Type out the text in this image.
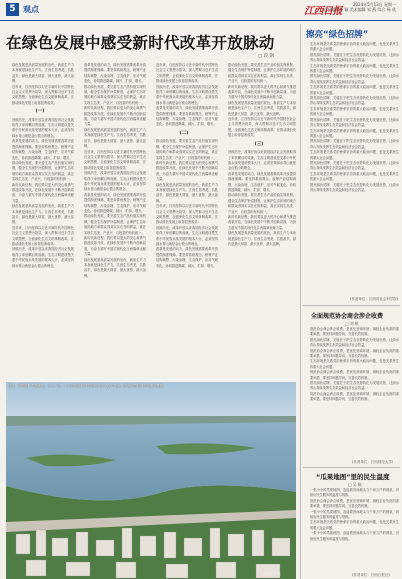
5 观点	江西日报
2024年5月13日 星期一
责任编辑 张 颖 美术编辑 邹 燕 综合 杨 欣
在绿色发展中感受新时代改革开放脉动
□ 段 钢

绿色发展是高质量发展的底色，新质生产力本身就是绿色生产力。江西生态秀美，名胜甚多，绿色是最大财富、最大优势、最大品牌。

近年来，江西坚持以习近平新时代中国特色社会主义思想为指导，深入贯彻习近平生态文明思想，全面深化生态文明体制改革，在推动绿色发展上取得显著成效。

(一)

回顾历史，改革开放以来我国经济社会发展取得了举世瞩目的成就。生态文明建设是关系中华民族永续发展的根本大计，必须坚持绿水青山就是金山银山的理念。

改革是发展的动力，绿色发展需要改革开放提供制度保障。要坚持系统观念，统筹产业结构调整、污染治理、生态保护、应对气候变化，协同推进降碳、减污、扩绿、增长。

推动绿色发展，要完善生态产品价值实现机制，健全生态保护补偿制度，让保护生态环境的地方和群众得到实实在在的利益，真正实现生态美、产业兴、百姓富的有机统一。

新时代新征程，我们要以更大的决心和勇气推进改革开放，在绿色发展中不断开创新局面，为奋力谱写中国式现代化江西篇章贡献力量。

绿色发展是高质量发展的底色，新质生产力本身就是绿色生产力。江西生态秀美，名胜甚多，绿色是最大财富、最大优势、最大品牌。

近年来，江西坚持以习近平新时代中国特色社会主义思想为指导，深入贯彻习近平生态文明思想，全面深化生态文明体制改革，在推动绿色发展上取得显著成效。

回顾历史，改革开放以来我国经济社会发展取得了举世瞩目的成就。生态文明建设是关系中华民族永续发展的根本大计，必须坚持绿水青山就是金山银山的理念。

改革是发展的动力，绿色发展需要改革开放提供制度保障。要坚持系统观念，统筹产业结构调整、污染治理、生态保护、应对气候变化，协同推进降碳、减污、扩绿、增长。

推动绿色发展，要完善生态产品价值实现机制，健全生态保护补偿制度，让保护生态环境的地方和群众得到实实在在的利益，真正实现生态美、产业兴、百姓富的有机统一。

新时代新征程，我们要以更大的决心和勇气推进改革开放，在绿色发展中不断开创新局面，为奋力谱写中国式现代化江西篇章贡献力量。

绿色发展是高质量发展的底色，新质生产力本身就是绿色生产力。江西生态秀美，名胜甚多，绿色是最大财富、最大优势、最大品牌。

近年来，江西坚持以习近平新时代中国特色社会主义思想为指导，深入贯彻习近平生态文明思想，全面深化生态文明体制改革，在推动绿色发展上取得显著成效。

回顾历史，改革开放以来我国经济社会发展取得了举世瞩目的成就。生态文明建设是关系中华民族永续发展的根本大计，必须坚持绿水青山就是金山银山的理念。

改革是发展的动力，绿色发展需要改革开放提供制度保障。要坚持系统观念，统筹产业结构调整、污染治理、生态保护、应对气候变化，协同推进降碳、减污、扩绿、增长。

推动绿色发展，要完善生态产品价值实现机制，健全生态保护补偿制度，让保护生态环境的地方和群众得到实实在在的利益，真正实现生态美、产业兴、百姓富的有机统一。

新时代新征程，我们要以更大的决心和勇气推进改革开放，在绿色发展中不断开创新局面，为奋力谱写中国式现代化江西篇章贡献力量。

绿色发展是高质量发展的底色，新质生产力本身就是绿色生产力。江西生态秀美，名胜甚多，绿色是最大财富、最大优势、最大品牌。

近年来，江西坚持以习近平新时代中国特色社会主义思想为指导，深入贯彻习近平生态文明思想，全面深化生态文明体制改革，在推动绿色发展上取得显著成效。

回顾历史，改革开放以来我国经济社会发展取得了举世瞩目的成就。生态文明建设是关系中华民族永续发展的根本大计，必须坚持绿水青山就是金山银山的理念。

改革是发展的动力，绿色发展需要改革开放提供制度保障。要坚持系统观念，统筹产业结构调整、污染治理、生态保护、应对气候变化，协同推进降碳、减污、扩绿、增长。

(二)

推动绿色发展，要完善生态产品价值实现机制，健全生态保护补偿制度，让保护生态环境的地方和群众得到实实在在的利益，真正实现生态美、产业兴、百姓富的有机统一。

新时代新征程，我们要以更大的决心和勇气推进改革开放，在绿色发展中不断开创新局面，为奋力谱写中国式现代化江西篇章贡献力量。

绿色发展是高质量发展的底色，新质生产力本身就是绿色生产力。江西生态秀美，名胜甚多，绿色是最大财富、最大优势、最大品牌。

近年来，江西坚持以习近平新时代中国特色社会主义思想为指导，深入贯彻习近平生态文明思想，全面深化生态文明体制改革，在推动绿色发展上取得显著成效。

回顾历史，改革开放以来我国经济社会发展取得了举世瞩目的成就。生态文明建设是关系中华民族永续发展的根本大计，必须坚持绿水青山就是金山银山的理念。

改革是发展的动力，绿色发展需要改革开放提供制度保障。要坚持系统观念，统筹产业结构调整、污染治理、生态保护、应对气候变化，协同推进降碳、减污、扩绿、增长。

推动绿色发展，要完善生态产品价值实现机制，健全生态保护补偿制度，让保护生态环境的地方和群众得到实实在在的利益，真正实现生态美、产业兴、百姓富的有机统一。

新时代新征程，我们要以更大的决心和勇气推进改革开放，在绿色发展中不断开创新局面，为奋力谱写中国式现代化江西篇章贡献力量。

绿色发展是高质量发展的底色，新质生产力本身就是绿色生产力。江西生态秀美，名胜甚多，绿色是最大财富、最大优势、最大品牌。

近年来，江西坚持以习近平新时代中国特色社会主义思想为指导，深入贯彻习近平生态文明思想，全面深化生态文明体制改革，在推动绿色发展上取得显著成效。

(三)

回顾历史，改革开放以来我国经济社会发展取得了举世瞩目的成就。生态文明建设是关系中华民族永续发展的根本大计，必须坚持绿水青山就是金山银山的理念。

改革是发展的动力，绿色发展需要改革开放提供制度保障。要坚持系统观念，统筹产业结构调整、污染治理、生态保护、应对气候变化，协同推进降碳、减污、扩绿、增长。

推动绿色发展，要完善生态产品价值实现机制，健全生态保护补偿制度，让保护生态环境的地方和群众得到实实在在的利益，真正实现生态美、产业兴、百姓富的有机统一。

新时代新征程，我们要以更大的决心和勇气推进改革开放，在绿色发展中不断开创新局面，为奋力谱写中国式现代化江西篇章贡献力量。

绿色发展是高质量发展的底色，新质生产力本身就是绿色生产力。江西生态秀美，名胜甚多，绿色是最大财富、最大优势、最大品牌。

擦亮“绿色招牌”

生态环境是关系党的使命宗旨的重大政治问题，也是关系民生的重大社会问题。

擦亮绿色招牌，关键在于把生态优势转化为发展优势，让绿水青山持续发挥生态效益和经济社会效益。

生态环境是关系党的使命宗旨的重大政治问题，也是关系民生的重大社会问题。

擦亮绿色招牌，关键在于把生态优势转化为发展优势，让绿水青山持续发挥生态效益和经济社会效益。

生态环境是关系党的使命宗旨的重大政治问题，也是关系民生的重大社会问题。

擦亮绿色招牌，关键在于把生态优势转化为发展优势，让绿水青山持续发挥生态效益和经济社会效益。

生态环境是关系党的使命宗旨的重大政治问题，也是关系民生的重大社会问题。

擦亮绿色招牌，关键在于把生态优势转化为发展优势，让绿水青山持续发挥生态效益和经济社会效益。

生态环境是关系党的使命宗旨的重大政治问题，也是关系民生的重大社会问题。

擦亮绿色招牌，关键在于把生态优势转化为发展优势，让绿水青山持续发挥生态效益和经济社会效益。

生态环境是关系党的使命宗旨的重大政治问题，也是关系民生的重大社会问题。

擦亮绿色招牌，关键在于把生态优势转化为发展优势，让绿水青山持续发挥生态效益和经济社会效益。

生态环境是关系党的使命宗旨的重大政治问题，也是关系民生的重大社会问题。

擦亮绿色招牌，关键在于把生态优势转化为发展优势，让绿水青山持续发挥生态效益和经济社会效益。

(作者单位：江西省社会科学院)
全面规范协会商会涉企收费
□ 刘 敏

规范协会商会涉企收费，是优化营商环境、减轻企业负担的重要举措，要坚持问题导向，完善长效机制。

擦亮绿色招牌，关键在于把生态优势转化为发展优势，让绿水青山持续发挥生态效益和经济社会效益。

规范协会商会涉企收费，是优化营商环境、减轻企业负担的重要举措，要坚持问题导向，完善长效机制。

生态环境是关系党的使命宗旨的重大政治问题，也是关系民生的重大社会问题。

规范协会商会涉企收费，是优化营商环境、减轻企业负担的重要举措，要坚持问题导向，完善长效机制。

擦亮绿色招牌，关键在于把生态优势转化为发展优势，让绿水青山持续发挥生态效益和经济社会效益。

规范协会商会涉企收费，是优化营商环境、减轻企业负担的重要举措，要坚持问题导向，完善长效机制。

(作者单位：江西财经大学)
“瓜果地图”里的民生温度
□ 吴 颖

一张小小的瓜果地图，连接着田间地头与千家万户的餐桌，折射出民生服务的温度与细致。

规范协会商会涉企收费，是优化营商环境、减轻企业负担的重要举措，要坚持问题导向，完善长效机制。

一张小小的瓜果地图，连接着田间地头与千家万户的餐桌，折射出民生服务的温度与细致。

生态环境是关系党的使命宗旨的重大政治问题，也是关系民生的重大社会问题。

一张小小的瓜果地图，连接着田间地头与千家万户的餐桌，折射出民生服务的温度与细致。

(作者单位：江西日报社)
近日，鄱阳湖畔生态秀美，水天一色，人与自然和谐共生的画面令人心旷神怡。图为航拍的城市与湖泊景观。
本报记者 摄
